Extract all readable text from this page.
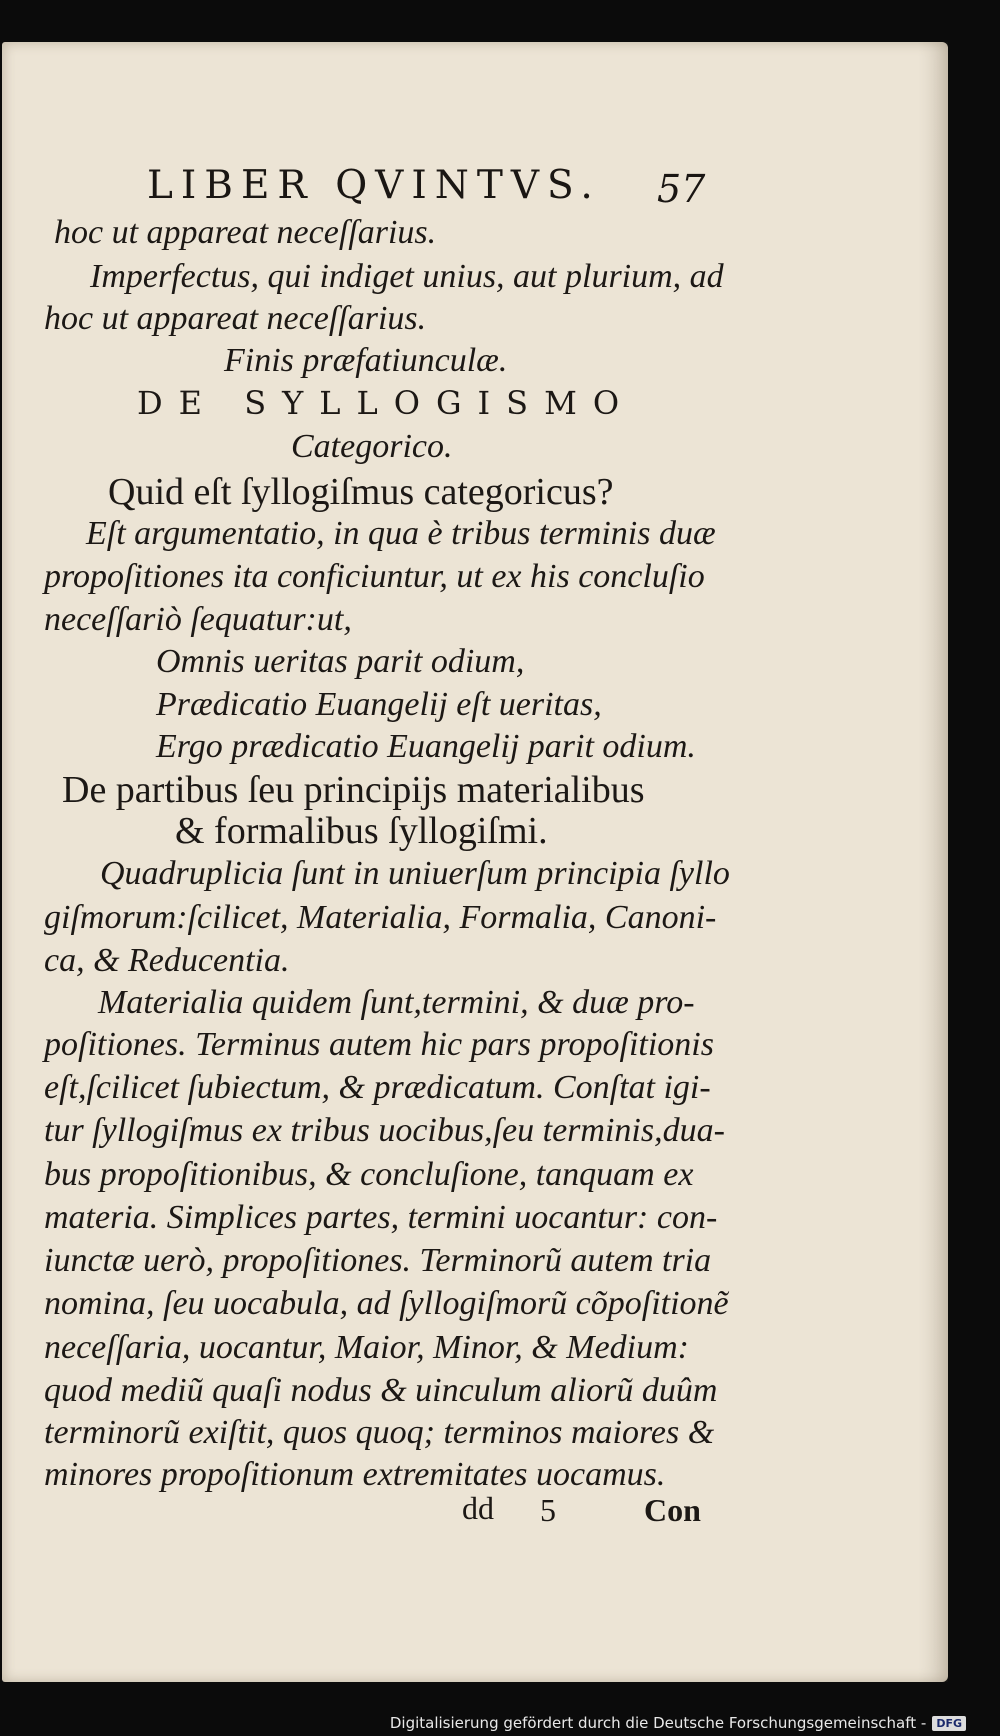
LIBER QVINTVS.	57
hoc ut appareat neceſſarius.
Imperfectus, qui indiget unius, aut plurium, ad
hoc ut appareat neceſſarius.
Finis præfatiunculæ.
DE SYLLOGISMO
Categorico.
Quid eſt ſyllogiſmus categoricus?
Eſt argumentatio, in qua è tribus terminis duæ
propoſitiones ita conficiuntur, ut ex his concluſio
neceſſariò ſequatur:ut,
Omnis ueritas parit odium,
Prædicatio Euangelij eſt ueritas,
Ergo prædicatio Euangelij parit odium.
De partibus ſeu principijs materialibus
& formalibus ſyllogiſmi.
Quadruplicia ſunt in uniuerſum principia ſyllo
giſmorum:ſcilicet, Materialia, Formalia, Canoni-
ca, & Reducentia.
Materialia quidem ſunt,termini, & duæ pro-
poſitiones. Terminus autem hic pars propoſitionis
eſt,ſcilicet ſubiectum, & prædicatum. Conſtat igi-
tur ſyllogiſmus ex tribus uocibus,ſeu terminis,dua-
bus propoſitionibus, & concluſione, tanquam ex
materia. Simplices partes, termini uocantur: con-
iunctæ uerò, propoſitiones. Terminorũ autem tria
nomina, ſeu uocabula, ad ſyllogiſmorũ cõpoſitionẽ
neceſſaria, uocantur, Maior, Minor, & Medium:
quod mediũ quaſi nodus & uinculum aliorũ duûm
terminorũ exiſtit, quos quoq; terminos maiores &
minores propoſitionum extremitates uocamus.
dd 5	Con
Digitalisierung gefördert durch die Deutsche Forschungsgemeinschaft - DFG
